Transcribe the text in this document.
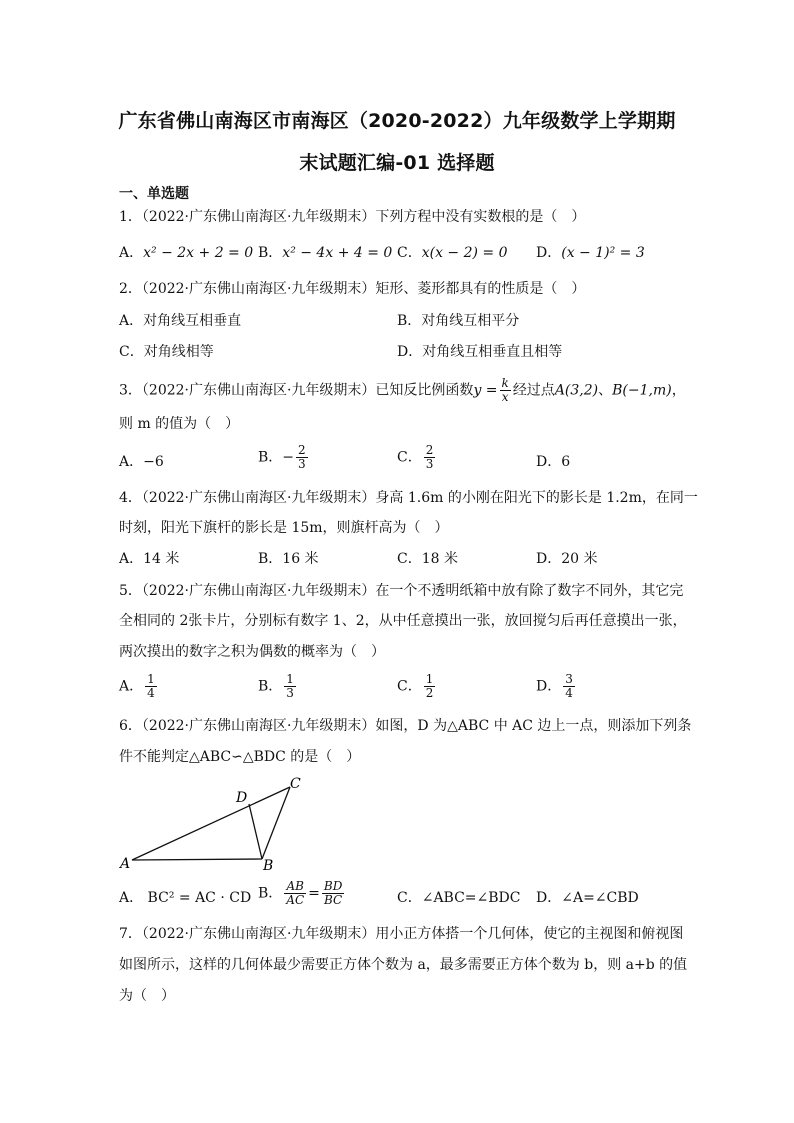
广东省佛山南海区市南海区（2020-2022）九年级数学上学期期
末试题汇编-01 选择题
一、单选题
1．（2022·广东佛山南海区·九年级期末）下列方程中没有实数根的是（　）
A．x² − 2x + 2 = 0 B．x² − 4x + 4 = 0 C．x(x − 2) = 0 D．(x − 1)² = 3
2．（2022·广东佛山南海区·九年级期末）矩形、菱形都具有的性质是（　）
A．对角线互相垂直	B．对角线互相平分
C．对角线相等	D．对角线互相垂直且相等
3．（2022·广东佛山南海区·九年级期末）已知反比例函数$y = \frac{k}{x}$ 经过点A(3,2)、B(−1,m)，
则 m 的值为（　）
A．−6	B．− $\frac{2}{3}$	C． $\frac{2}{3}$	D．6
4．（2022·广东佛山南海区·九年级期末）身高 1.6m 的小刚在阳光下的影长是 1.2m，在同一
时刻，阳光下旗杆的影长是 15m，则旗杆高为（　）
A．14 米	B．16 米	C．18 米	D．20 米
5．（2022·广东佛山南海区·九年级期末）在一个不透明纸箱中放有除了数字不同外，其它完
全相同的 2张卡片，分别标有数字 1、2，从中任意摸出一张，放回搅匀后再任意摸出一张，
两次摸出的数字之积为偶数的概率为（　）
A． $\frac{1}{4}$	B． $\frac{1}{3}$	C． $\frac{1}{2}$	D． $\frac{3}{4}$
6．（2022·广东佛山南海区·九年级期末）如图，D 为△ABC 中 AC 边上一点，则添加下列条
件不能判定△ABC∽△BDC 的是（　）
A	B
C
D
A． BC² = AC · CD B． $\frac{AB}{AC} = \frac{BD}{BC}$	C．∠ABC=∠BDC D．∠A=∠CBD
7．（2022·广东佛山南海区·九年级期末）用小正方体搭一个几何体，使它的主视图和俯视图
如图所示，这样的几何体最少需要正方体个数为 a，最多需要正方体个数为 b，则 a+b 的值
为（　）
